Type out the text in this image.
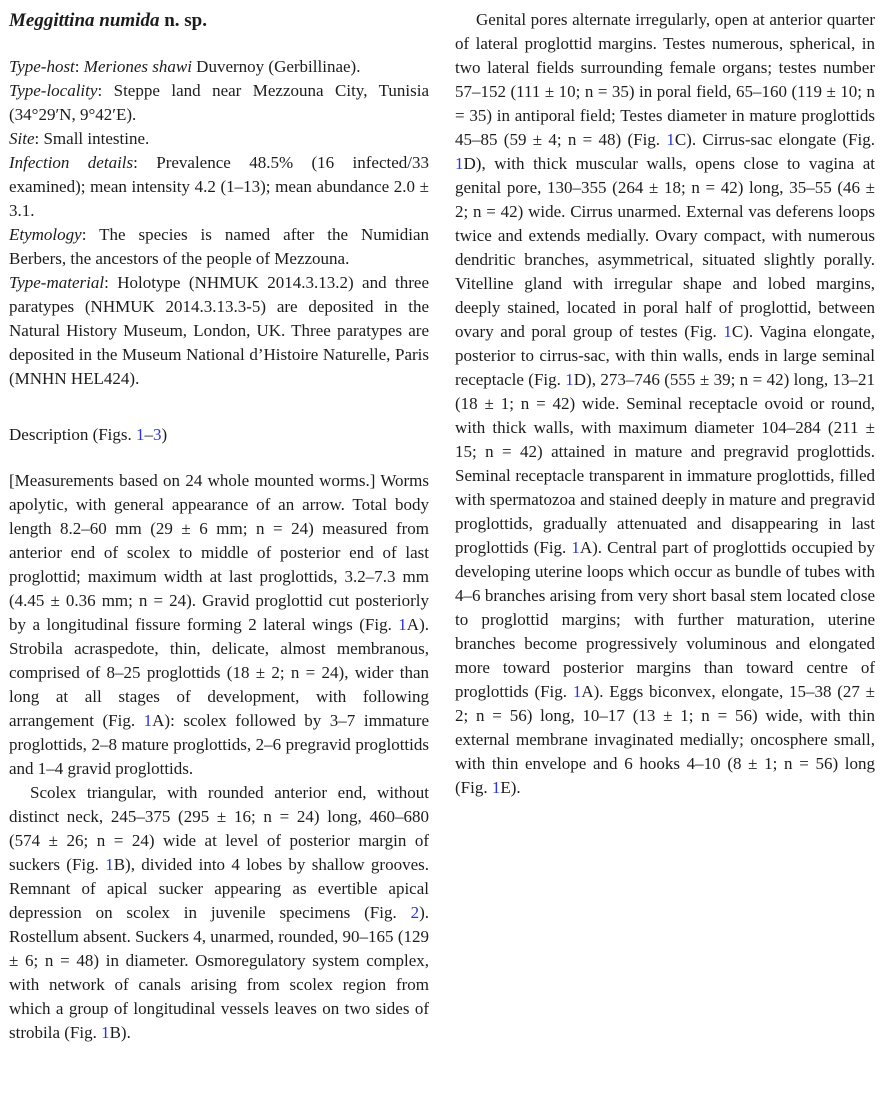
Meggittina numida n. sp.

Type-host: Meriones shawi Duvernoy (Gerbillinae).

Type-locality: Steppe land near Mezzouna City, Tunisia (34°29′N, 9°42′E).

Site: Small intestine.

Infection details: Prevalence 48.5% (16 infected/33 examined); mean intensity 4.2 (1–13); mean abundance 2.0 ± 3.1.

Etymology: The species is named after the Numidian Berbers, the ancestors of the people of Mezzouna.

Type-material: Holotype (NHMUK 2014.3.13.2) and three paratypes (NHMUK 2014.3.13.3-5) are deposited in the Natural History Museum, London, UK. Three paratypes are deposited in the Museum National d’Histoire Naturelle, Paris (MNHN HEL424).

Description (Figs. 1–3)

[Measurements based on 24 whole mounted worms.] Worms apolytic, with general appearance of an arrow. Total body length 8.2–60 mm (29 ± 6 mm; n = 24) measured from anterior end of scolex to middle of posterior end of last proglottid; maximum width at last proglottids, 3.2–7.3 mm (4.45 ± 0.36 mm; n = 24). Gravid proglottid cut posteriorly by a longitudinal fissure forming 2 lateral wings (Fig. 1A). Strobila acraspedote, thin, delicate, almost membranous, comprised of 8–25 proglottids (18 ± 2; n = 24), wider than long at all stages of development, with following arrangement (Fig. 1A): scolex followed by 3–7 immature proglottids, 2–8 mature proglottids, 2–6 pregravid proglottids and 1–4 gravid proglottids.

Scolex triangular, with rounded anterior end, without distinct neck, 245–375 (295 ± 16; n = 24) long, 460–680 (574 ± 26; n = 24) wide at level of posterior margin of suckers (Fig. 1B), divided into 4 lobes by shallow grooves. Remnant of apical sucker appearing as evertible apical depression on scolex in juvenile specimens (Fig. 2). Rostellum absent. Suckers 4, unarmed, rounded, 90–165 (129 ± 6; n = 48) in diameter. Osmoregulatory system complex, with network of canals arising from scolex region from which a group of longitudinal vessels leaves on two sides of strobila (Fig. 1B).

Genital pores alternate irregularly, open at anterior quarter of lateral proglottid margins. Testes numerous, spherical, in two lateral fields surrounding female organs; testes number 57–152 (111 ± 10; n = 35) in poral field, 65–160 (119 ± 10; n = 35) in antiporal field; Testes diameter in mature proglottids 45–85 (59 ± 4; n = 48) (Fig. 1C). Cirrus-sac elongate (Fig. 1D), with thick muscular walls, opens close to vagina at genital pore, 130–355 (264 ± 18; n = 42) long, 35–55 (46 ± 2; n = 42) wide. Cirrus unarmed. External vas deferens loops twice and extends medially. Ovary compact, with numerous dendritic branches, asymmetrical, situated slightly porally. Vitelline gland with irregular shape and lobed margins, deeply stained, located in poral half of proglottid, between ovary and poral group of testes (Fig. 1C). Vagina elongate, posterior to cirrus-sac, with thin walls, ends in large seminal receptacle (Fig. 1D), 273–746 (555 ± 39; n = 42) long, 13–21 (18 ± 1; n = 42) wide. Seminal receptacle ovoid or round, with thick walls, with maximum diameter 104–284 (211 ± 15; n = 42) attained in mature and pregravid proglottids. Seminal receptacle transparent in immature proglottids, filled with spermatozoa and stained deeply in mature and pregravid proglottids, gradually attenuated and disappearing in last proglottids (Fig. 1A). Central part of proglottids occupied by developing uterine loops which occur as bundle of tubes with 4–6 branches arising from very short basal stem located close to proglottid margins; with further maturation, uterine branches become progressively voluminous and elongated more toward posterior margins than toward centre of proglottids (Fig. 1A). Eggs biconvex, elongate, 15–38 (27 ± 2; n = 56) long, 10–17 (13 ± 1; n = 56) wide, with thin external membrane invaginated medially; oncosphere small, with thin envelope and 6 hooks 4–10 (8 ± 1; n = 56) long (Fig. 1E).
